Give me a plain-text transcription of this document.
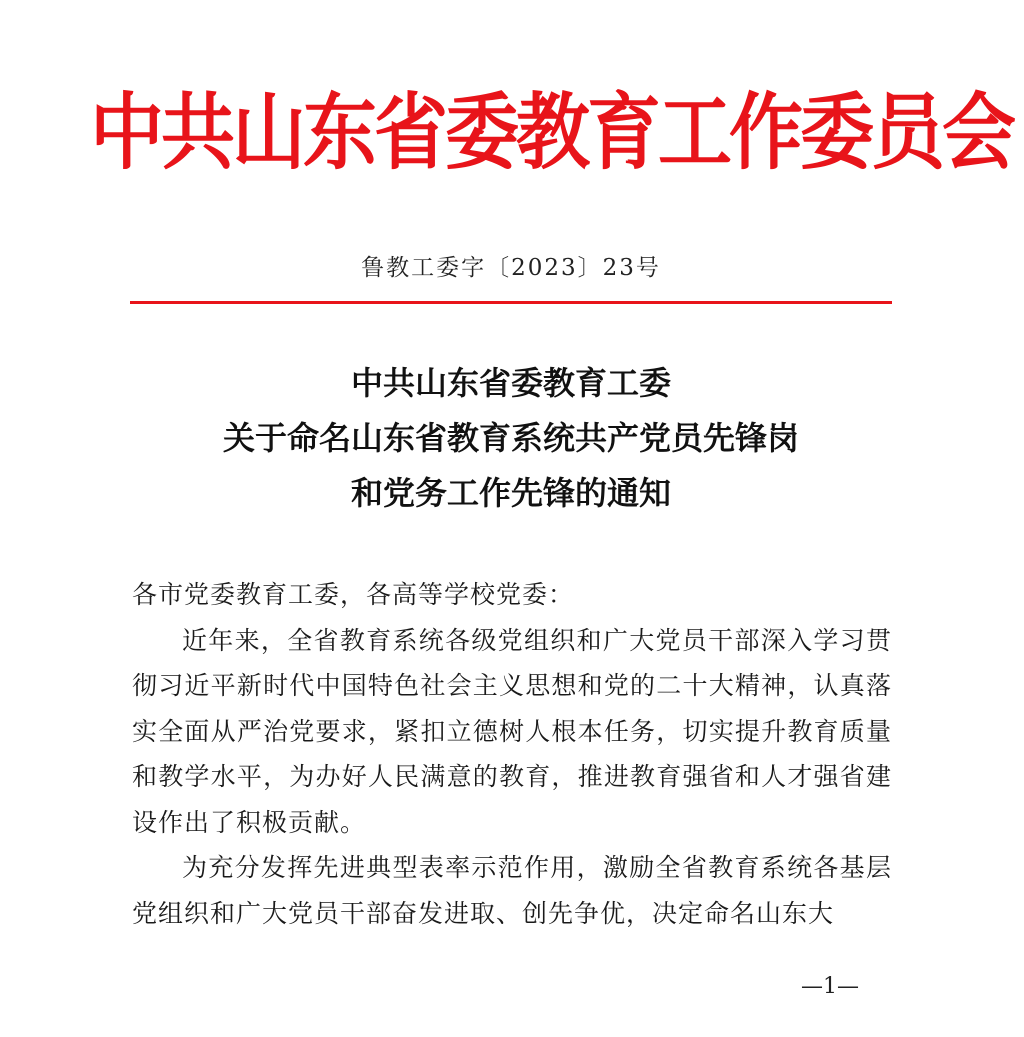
中共山东省委教育工作委员会
鲁教工委字〔2023〕23号
中共山东省委教育工委
关于命名山东省教育系统共产党员先锋岗
和党务工作先锋的通知
各市党委教育工委，各高等学校党委：

近年来，全省教育系统各级党组织和广大党员干部深入学习贯彻习近平新时代中国特色社会主义思想和党的二十大精神，认真落实全面从严治党要求，紧扣立德树人根本任务，切实提升教育质量和教学水平，为办好人民满意的教育，推进教育强省和人才强省建设作出了积极贡献。

为充分发挥先进典型表率示范作用，激励全省教育系统各基层党组织和广大党员干部奋发进取、创先争优，决定命名山东大

—1—
